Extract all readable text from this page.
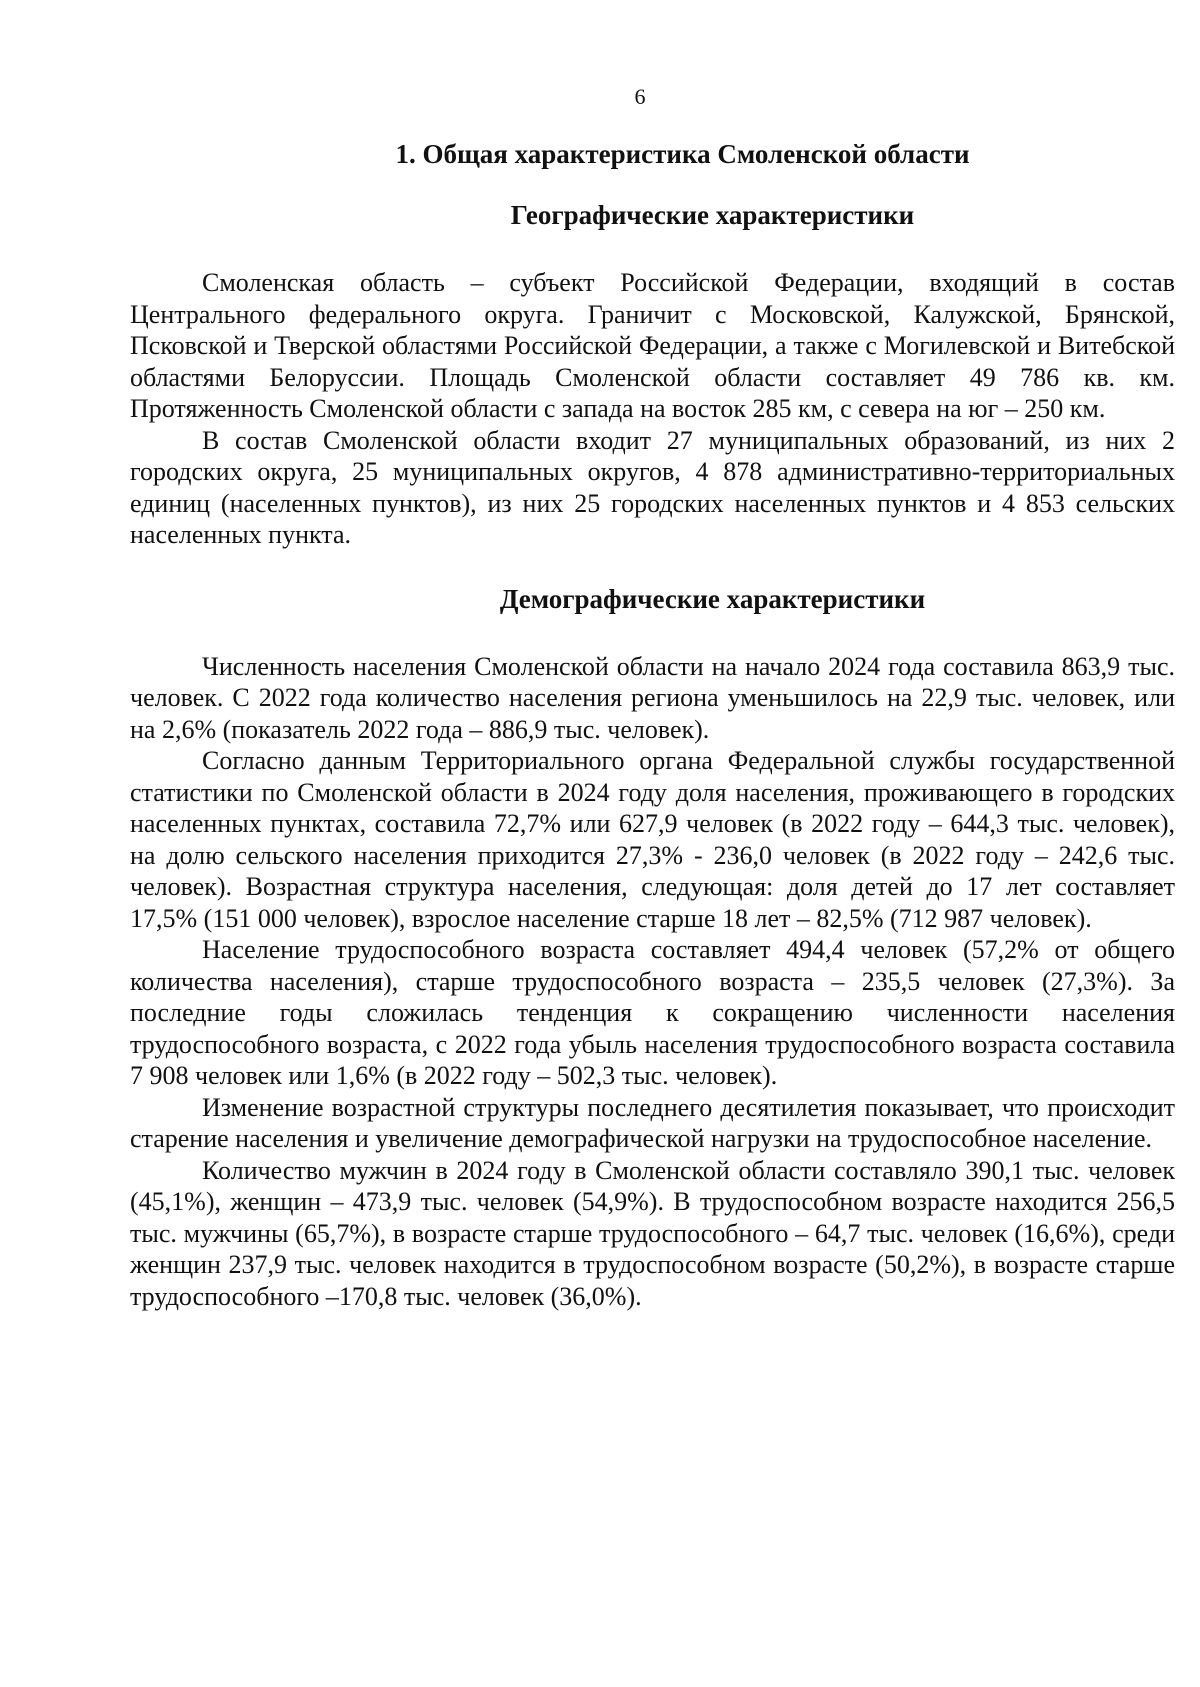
6
1. Общая характеристика Смоленской области
Географические характеристики

Смоленская область – субъект Российской Федерации, входящий в состав Центрального федерального округа. Граничит с Московской, Калужской, Брянской, Псковской и Тверской областями Российской Федерации, а также с Могилевской и Витебской областями Белоруссии. Площадь Смоленской области составляет 49 786 кв. км. Протяженность Смоленской области с запада на восток 285 км, с севера на юг – 250 км.

В состав Смоленской области входит 27 муниципальных образований, из них 2 городских округа, 25 муниципальных округов, 4 878 административно-территориальных единиц (населенных пунктов), из них 25 городских населенных пунктов и 4 853 сельских населенных пункта.

Демографические характеристики

Численность населения Смоленской области на начало 2024 года составила 863,9 тыс. человек. С 2022 года количество населения региона уменьшилось на 22,9 тыс. человек, или на 2,6% (показатель 2022 года – 886,9 тыс. человек).

Согласно данным Территориального органа Федеральной службы государственной статистики по Смоленской области в 2024 году доля населения, проживающего в городских населенных пунктах, составила 72,7% или 627,9 человек (в 2022 году – 644,3 тыс. человек), на долю сельского населения приходится 27,3% - 236,0 человек (в 2022 году – 242,6 тыс. человек). Возрастная структура населения, следующая: доля детей до 17 лет составляет 17,5% (151 000 человек), взрослое население старше 18 лет – 82,5% (712 987 человек).

Население трудоспособного возраста составляет 494,4 человек (57,2% от общего количества населения), старше трудоспособного возраста – 235,5 человек (27,3%). За последние годы сложилась тенденция к сокращению численности населения трудоспособного возраста, с 2022 года убыль населения трудоспособного возраста составила 7 908 человек или 1,6% (в 2022 году – 502,3 тыс. человек).

Изменение возрастной структуры последнего десятилетия показывает, что происходит старение населения и увеличение демографической нагрузки на трудоспособное население.

Количество мужчин в 2024 году в Смоленской области составляло 390,1 тыс. человек (45,1%), женщин – 473,9 тыс. человек (54,9%). В трудоспособном возрасте находится 256,5 тыс. мужчины (65,7%), в возрасте старше трудоспособного – 64,7 тыс. человек (16,6%), среди женщин 237,9 тыс. человек находится в трудоспособном возрасте (50,2%), в возрасте старше трудоспособного –170,8 тыс. человек (36,0%).
